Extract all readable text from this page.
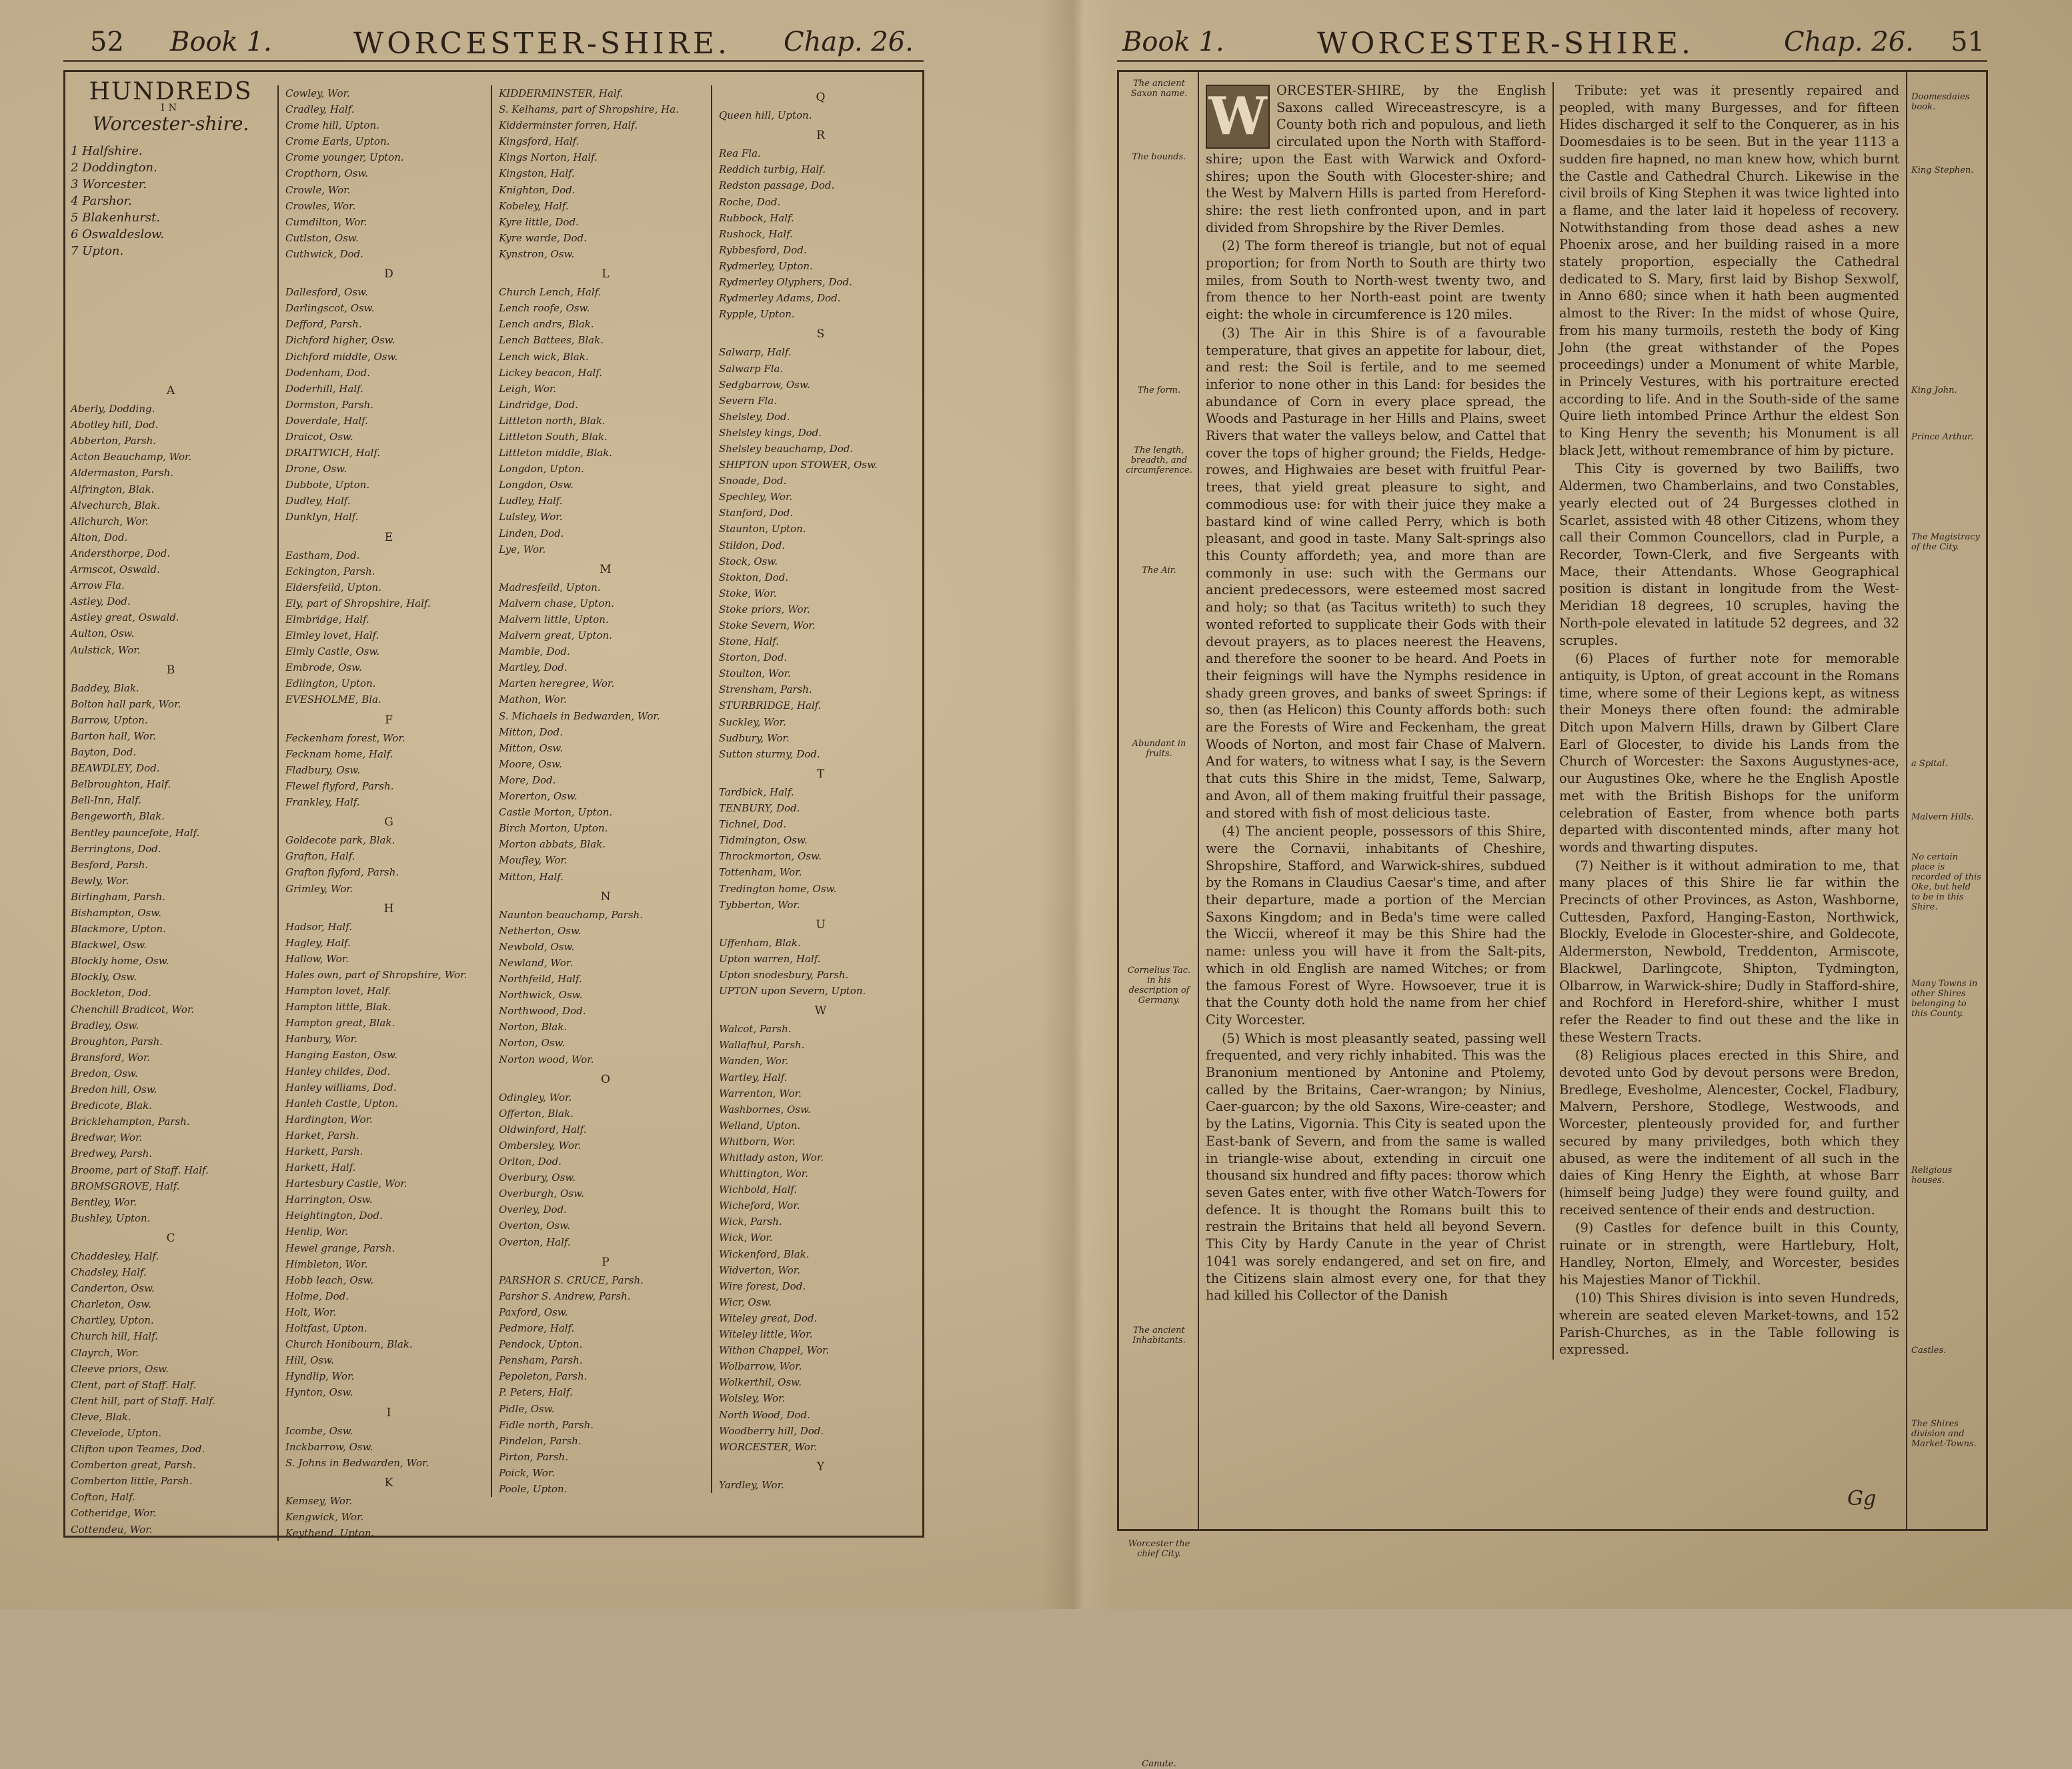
52 Book 1.	WORCESTER-SHIRE. Chap. 26.
HUNDREDS
IN
Worcester-shire.
1 Halfshire.
2 Doddington.
3 Worcester.
4 Parshor.
5 Blakenhurst.
6 Oswaldeslow.
7 Upton.
A
Aberly, Dodding.
Abotley hill, Dod.
Abberton, Parsh.
Acton Beauchamp, Wor.
Aldermaston, Parsh.
Alfrington, Blak.
Alvechurch, Blak.
Allchurch, Wor.
Alton, Dod.
Andersthorpe, Dod.
Armscot, Oswald.
Arrow Fla.
Astley, Dod.
Astley great, Oswald.
Aulton, Osw.
Aulstick, Wor.
B
Baddey, Blak.
Bolton hall park, Wor.
Barrow, Upton.
Barton hall, Wor.
Bayton, Dod.
BEAWDLEY, Dod.
Belbroughton, Half.
Bell-Inn, Half.
Bengeworth, Blak.
Bentley pauncefote, Half.
Berringtons, Dod.
Besford, Parsh.
Bewly, Wor.
Birlingham, Parsh.
Bishampton, Osw.
Blackmore, Upton.
Blackwel, Osw.
Blockly home, Osw.
Blockly, Osw.
Bockleton, Dod.
Chenchill Bradicot, Wor.
Bradley, Osw.
Broughton, Parsh.
Bransford, Wor.
Bredon, Osw.
Bredon hill, Osw.
Bredicote, Blak.
Bricklehampton, Parsh.
Bredwar, Wor.
Bredwey, Parsh.
Broome, part of Staff. Half.
BROMSGROVE, Half.
Bentley, Wor.
Bushley, Upton.
C
Chaddesley, Half.
Chadsley, Half.
Canderton, Osw.
Charleton, Osw.
Chartley, Upton.
Church hill, Half.
Clayrch, Wor.
Cleeve priors, Osw.
Clent, part of Staff. Half.
Clent hill, part of Staff. Half.
Cleve, Blak.
Clevelode, Upton.
Clifton upon Teames, Dod.
Comberton great, Parsh.
Comberton little, Parsh.
Cofton, Half.
Cotheridge, Wor.
Cottendeu, Wor.
Cowley, Wor.
Cradley, Half.
Crome hill, Upton.
Crome Earls, Upton.
Crome younger, Upton.
Cropthorn, Osw.
Crowle, Wor.
Crowles, Wor.
Cumdilton, Wor.
Cutlston, Osw.
Cuthwick, Dod.
D
Dallesford, Osw.
Darlingscot, Osw.
Defford, Parsh.
Dichford higher, Osw.
Dichford middle, Osw.
Dodenham, Dod.
Doderhill, Half.
Dormston, Parsh.
Doverdale, Half.
Draicot, Osw.
DRAITWICH, Half.
Drone, Osw.
Dubbote, Upton.
Dudley, Half.
Dunklyn, Half.
E
Eastham, Dod.
Eckington, Parsh.
Eldersfeild, Upton.
Ely, part of Shropshire, Half.
Elmbridge, Half.
Elmley lovet, Half.
Elmly Castle, Osw.
Embrode, Osw.
Edlington, Upton.
EVESHOLME, Bla.
F
Feckenham forest, Wor.
Fecknam home, Half.
Fladbury, Osw.
Flewel flyford, Parsh.
Frankley, Half.
G
Goldecote park, Blak.
Grafton, Half.
Grafton flyford, Parsh.
Grimley, Wor.
H
Hadsor, Half.
Hagley, Half.
Hallow, Wor.
Hales own, part of Shropshire, Wor.
Hampton lovet, Half.
Hampton little, Blak.
Hampton great, Blak.
Hanbury, Wor.
Hanging Easton, Osw.
Hanley childes, Dod.
Hanley williams, Dod.
Hanleh Castle, Upton.
Hardington, Wor.
Harket, Parsh.
Harkett, Parsh.
Harkett, Half.
Hartesbury Castle, Wor.
Harrington, Osw.
Heightington, Dod.
Henlip, Wor.
Hewel grange, Parsh.
Himbleton, Wor.
Hobb leach, Osw.
Holme, Dod.
Holt, Wor.
Holtfast, Upton.
Church Honibourn, Blak.
Hill, Osw.
Hyndlip, Wor.
Hynton, Osw.
I
Icombe, Osw.
Inckbarrow, Osw.
S. Johns in Bedwarden, Wor.
K
Kemsey, Wor.
Kengwick, Wor.
Keythend, Upton.
KIDDERMINSTER, Half.
S. Kelhams, part of Shropshire, Ha.
Kidderminster forren, Half.
Kingsford, Half.
Kings Norton, Half.
Kingston, Half.
Knighton, Dod.
Kobeley, Half.
Kyre little, Dod.
Kyre warde, Dod.
Kynstron, Osw.
L
Church Lench, Half.
Lench roofe, Osw.
Lench andrs, Blak.
Lench Battees, Blak.
Lench wick, Blak.
Lickey beacon, Half.
Leigh, Wor.
Lindridge, Dod.
Littleton north, Blak.
Littleton South, Blak.
Littleton middle, Blak.
Longdon, Upton.
Longdon, Osw.
Ludley, Half.
Lulsley, Wor.
Linden, Dod.
Lye, Wor.
M
Madresfeild, Upton.
Malvern chase, Upton.
Malvern little, Upton.
Malvern great, Upton.
Mamble, Dod.
Martley, Dod.
Marten heregree, Wor.
Mathon, Wor.
S. Michaels in Bedwarden, Wor.
Mitton, Dod.
Mitton, Osw.
Moore, Osw.
More, Dod.
Morerton, Osw.
Castle Morton, Upton.
Birch Morton, Upton.
Morton abbats, Blak.
Moufley, Wor.
Mitton, Half.
N
Naunton beauchamp, Parsh.
Netherton, Osw.
Newbold, Osw.
Newland, Wor.
Northfeild, Half.
Northwick, Osw.
Northwood, Dod.
Norton, Blak.
Norton, Osw.
Norton wood, Wor.
O
Odingley, Wor.
Offerton, Blak.
Oldwinford, Half.
Ombersley, Wor.
Orlton, Dod.
Overbury, Osw.
Overburgh, Osw.
Overley, Dod.
Overton, Osw.
Overton, Half.
P
PARSHOR S. CRUCE, Parsh.
Parshor S. Andrew, Parsh.
Paxford, Osw.
Pedmore, Half.
Pendock, Upton.
Pensham, Parsh.
Pepoleton, Parsh.
P. Peters, Half.
Pidle, Osw.
Fidle north, Parsh.
Pindelon, Parsh.
Pirton, Parsh.
Poick, Wor.
Poole, Upton.
Q
Queen hill, Upton.
R
Rea Fla.
Reddich turbig, Half.
Redston passage, Dod.
Roche, Dod.
Rubbock, Half.
Rushock, Half.
Rybbesford, Dod.
Rydmerley, Upton.
Rydmerley Olyphers, Dod.
Rydmerley Adams, Dod.
Rypple, Upton.
S
Salwarp, Half.
Salwarp Fla.
Sedgbarrow, Osw.
Severn Fla.
Shelsley, Dod.
Shelsley kings, Dod.
Shelsley beauchamp, Dod.
SHIPTON upon STOWER, Osw.
Snoade, Dod.
Spechley, Wor.
Stanford, Dod.
Staunton, Upton.
Stildon, Dod.
Stock, Osw.
Stokton, Dod.
Stoke, Wor.
Stoke priors, Wor.
Stoke Severn, Wor.
Stone, Half.
Storton, Dod.
Stoulton, Wor.
Strensham, Parsh.
STURBRIDGE, Half.
Suckley, Wor.
Sudbury, Wor.
Sutton sturmy, Dod.
T
Tardbick, Half.
TENBURY, Dod.
Tichnel, Dod.
Tidmington, Osw.
Throckmorton, Osw.
Tottenham, Wor.
Tredington home, Osw.
Tybberton, Wor.
U
Uffenham, Blak.
Upton warren, Half.
Upton snodesbury, Parsh.
UPTON upon Severn, Upton.
W
Walcot, Parsh.
Wallafhul, Parsh.
Wanden, Wor.
Wartley, Half.
Warrenton, Wor.
Washbornes, Osw.
Welland, Upton.
Whitborn, Wor.
Whitlady aston, Wor.
Whittington, Wor.
Wichbold, Half.
Wicheford, Wor.
Wick, Parsh.
Wick, Wor.
Wickenford, Blak.
Widverton, Wor.
Wire forest, Dod.
Wicr, Osw.
Witeley great, Dod.
Witeley little, Wor.
Withon Chappel, Wor.
Wolbarrow, Wor.
Wolkerthil, Osw.
Wolsley, Wor.
North Wood, Dod.
Woodberry hill, Dod.
WORCESTER, Wor.
Y
Yardley, Wor.
Book 1.	WORCESTER-SHIRE.	Chap. 26. 51
The ancient Saxon name.
The bounds.
The form.
The length, breadth, and circumference.
The Air.
Abundant in fruits.
Cornelius Tac. in his description of Germany.
The ancient Inhabitants.
Worcester the chief City.
Canute.
Doomesdaies book.
King Stephen.
King John.
Prince Arthur.
The Magistracy of the City.
a Spital.
Malvern Hills.
No certain place is recorded of this Oke, but held to be in this Shire.
Many Towns in other Shires belonging to this County.
Religious houses.
Castles.
The Shires division and Market-Towns.
W ORCESTER-SHIRE, by the English Saxons called Wireceastrescyre, is a County both rich and populous, and lieth circulated upon the North with Stafford-shire; upon the East with Warwick and Oxford-shires; upon the South with Glocester-shire; and the West by Malvern Hills is parted from Hereford-shire: the rest lieth confronted upon, and in part divided from Shropshire by the River Demles.

(2) The form thereof is triangle, but not of equal proportion; for from North to South are thirty two miles, from South to North-west twenty two, and from thence to her North-east point are twenty eight: the whole in circumference is 120 miles.

(3) The Air in this Shire is of a favourable temperature, that gives an appetite for labour, diet, and rest: the Soil is fertile, and to me seemed inferior to none other in this Land: for besides the abundance of Corn in every place spread, the Woods and Pasturage in her Hills and Plains, sweet Rivers that water the valleys below, and Cattel that cover the tops of higher ground; the Fields, Hedge-rowes, and Highwaies are beset with fruitful Pear-trees, that yield great pleasure to sight, and commodious use: for with their juice they make a bastard kind of wine called Perry, which is both pleasant, and good in taste. Many Salt-springs also this County affordeth; yea, and more than are commonly in use: such with the Germans our ancient predecessors, were esteemed most sacred and holy; so that (as Tacitus writeth) to such they wonted reforted to supplicate their Gods with their devout prayers, as to places neerest the Heavens, and therefore the sooner to be heard. And Poets in their feignings will have the Nymphs residence in shady green groves, and banks of sweet Springs: if so, then (as Helicon) this County affords both: such are the Forests of Wire and Feckenham, the great Woods of Norton, and most fair Chase of Malvern. And for waters, to witness what I say, is the Severn that cuts this Shire in the midst, Teme, Salwarp, and Avon, all of them making fruitful their passage, and stored with fish of most delicious taste.

(4) The ancient people, possessors of this Shire, were the Cornavii, inhabitants of Cheshire, Shropshire, Stafford, and Warwick-shires, subdued by the Romans in Claudius Caesar's time, and after their departure, made a portion of the Mercian Saxons Kingdom; and in Beda's time were called the Wiccii, whereof it may be this Shire had the name: unless you will have it from the Salt-pits, which in old English are named Witches; or from the famous Forest of Wyre. Howsoever, true it is that the County doth hold the name from her chief City Worcester.

(5) Which is most pleasantly seated, passing well frequented, and very richly inhabited. This was the Branonium mentioned by Antonine and Ptolemy, called by the Britains, Caer-wrangon; by Ninius, Caer-guarcon; by the old Saxons, Wire-ceaster; and by the Latins, Vigornia. This City is seated upon the East-bank of Severn, and from the same is walled in triangle-wise about, extending in circuit one thousand six hundred and fifty paces: thorow which seven Gates enter, with five other Watch-Towers for defence. It is thought the Romans built this to restrain the Britains that held all beyond Severn. This City by Hardy Canute in the year of Christ 1041 was sorely endangered, and set on fire, and the Citizens slain almost every one, for that they had killed his Collector of the Danish

Tribute: yet was it presently repaired and peopled, with many Burgesses, and for fifteen Hides discharged it self to the Conquerer, as in his Doomesdaies is to be seen. But in the year 1113 a sudden fire hapned, no man knew how, which burnt the Castle and Cathedral Church. Likewise in the civil broils of King Stephen it was twice lighted into a flame, and the later laid it hopeless of recovery. Notwithstanding from those dead ashes a new Phoenix arose, and her building raised in a more stately proportion, especially the Cathedral dedicated to S. Mary, first laid by Bishop Sexwolf, in Anno 680; since when it hath been augmented almost to the River: In the midst of whose Quire, from his many turmoils, resteth the body of King John (the great withstander of the Popes proceedings) under a Monument of white Marble, in Princely Vestures, with his portraiture erected according to life. And in the South-side of the same Quire lieth intombed Prince Arthur the eldest Son to King Henry the seventh; his Monument is all black Jett, without remembrance of him by picture.

This City is governed by two Bailiffs, two Aldermen, two Chamberlains, and two Constables, yearly elected out of 24 Burgesses clothed in Scarlet, assisted with 48 other Citizens, whom they call their Common Councellors, clad in Purple, a Recorder, Town-Clerk, and five Sergeants with Mace, their Attendants. Whose Geographical position is distant in longitude from the West-Meridian 18 degrees, 10 scruples, having the North-pole elevated in latitude 52 degrees, and 32 scruples.

(6) Places of further note for memorable antiquity, is Upton, of great account in the Romans time, where some of their Legions kept, as witness their Moneys there often found: the admirable Ditch upon Malvern Hills, drawn by Gilbert Clare Earl of Glocester, to divide his Lands from the Church of Worcester: the Saxons Augustynes-ace, our Augustines Oke, where he the English Apostle met with the British Bishops for the uniform celebration of Easter, from whence both parts departed with discontented minds, after many hot words and thwarting disputes.

(7) Neither is it without admiration to me, that many places of this Shire lie far within the Precincts of other Provinces, as Aston, Washborne, Cuttesden, Paxford, Hanging-Easton, Northwick, Blockly, Evelode in Glocester-shire, and Goldecote, Aldermerston, Newbold, Treddenton, Armiscote, Blackwel, Darlingcote, Shipton, Tydmington, Olbarrow, in Warwick-shire; Dudly in Stafford-shire, and Rochford in Hereford-shire, whither I must refer the Reader to find out these and the like in these Western Tracts.

(8) Religious places erected in this Shire, and devoted unto God by devout persons were Bredon, Bredlege, Evesholme, Alencester, Cockel, Fladbury, Malvern, Pershore, Stodlege, Westwoods, and Worcester, plenteously provided for, and further secured by many priviledges, both which they abused, as were the inditement of all such in the daies of King Henry the Eighth, at whose Barr (himself being Judge) they were found guilty, and received sentence of their ends and destruction.

(9) Castles for defence built in this County, ruinate or in strength, were Hartlebury, Holt, Handley, Norton, Elmely, and Worcester, besides his Majesties Manor of Tickhil.

(10) This Shires division is into seven Hundreds, wherein are seated eleven Market-towns, and 152 Parish-Churches, as in the Table following is expressed.

Gg
